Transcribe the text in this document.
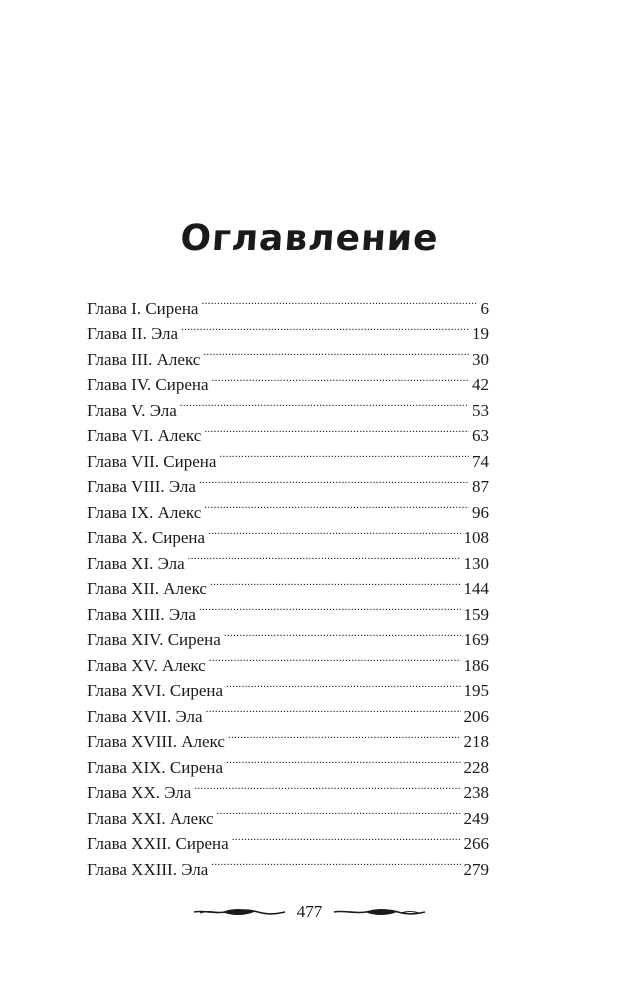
Оглавление
Глава I. Сирена . . .	6
Глава II. Эла . . .	19
Глава III. Алекс . . .	30
Глава IV. Сирена . . .	42
Глава V. Эла . . .	53
Глава VI. Алекс . . .	63
Глава VII. Сирена . . .	74
Глава VIII. Эла . . .	87
Глава IX. Алекс . . .	96
Глава X. Сирена . . .	108
Глава XI. Эла . . .	130
Глава XII. Алекс . . .	144
Глава XIII. Эла . . .	159
Глава XIV. Сирена . . .	169
Глава XV. Алекс . . .	186
Глава XVI. Сирена . . .	195
Глава XVII. Эла . . .	206
Глава XVIII. Алекс . . .	218
Глава XIX. Сирена . . .	228
Глава XX. Эла . . .	238
Глава XXI. Алекс . . .	249
Глава XXII. Сирена . . .	266
Глава XXIII. Эла . . .	279
477
